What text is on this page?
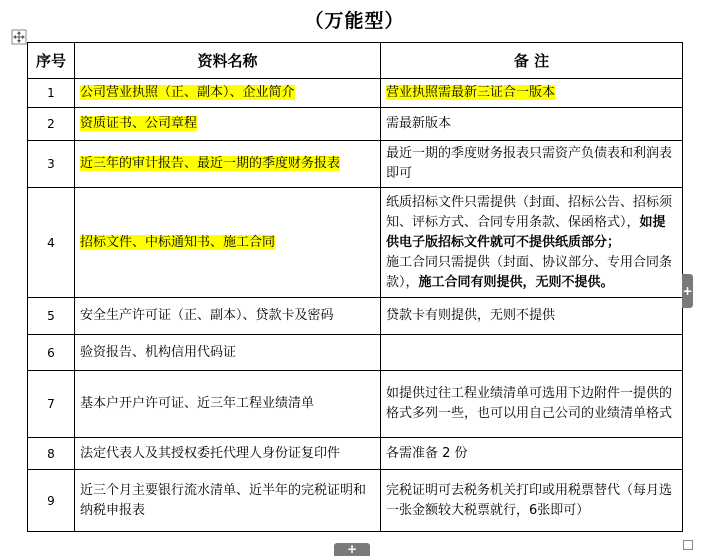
（万能型）
序号	资料名称	备 注
1	公司营业执照（正、副本）、企业简介	营业执照需最新三证合一版本
2	资质证书、公司章程	需最新版本
3	近三年的审计报告、最近一期的季度财务报表	最近一期的季度财务报表只需资产负债表和利润表即可
4	招标文件、中标通知书、施工合同	纸质招标文件只需提供（封面、招标公告、招标须知、评标方式、合同专用条款、保函格式），如提供电子版招标文件就可不提供纸质部分；
施工合同只需提供（封面、协议部分、专用合同条款），施工合同有则提供，无则不提供。
5	安全生产许可证（正、副本）、贷款卡及密码	贷款卡有则提供，无则不提供
6	验资报告、机构信用代码证	
7	基本户开户许可证、近三年工程业绩清单	如提供过往工程业绩清单可选用下边附件一提供的格式多列一些，也可以用自己公司的业绩清单格式
8	法定代表人及其授权委托代理人身份证复印件	各需准备 2 份
9	近三个月主要银行流水清单、近半年的完税证明和纳税申报表	完税证明可去税务机关打印或用税票替代（每月选一张金额较大税票就行，6张即可）
+
+
